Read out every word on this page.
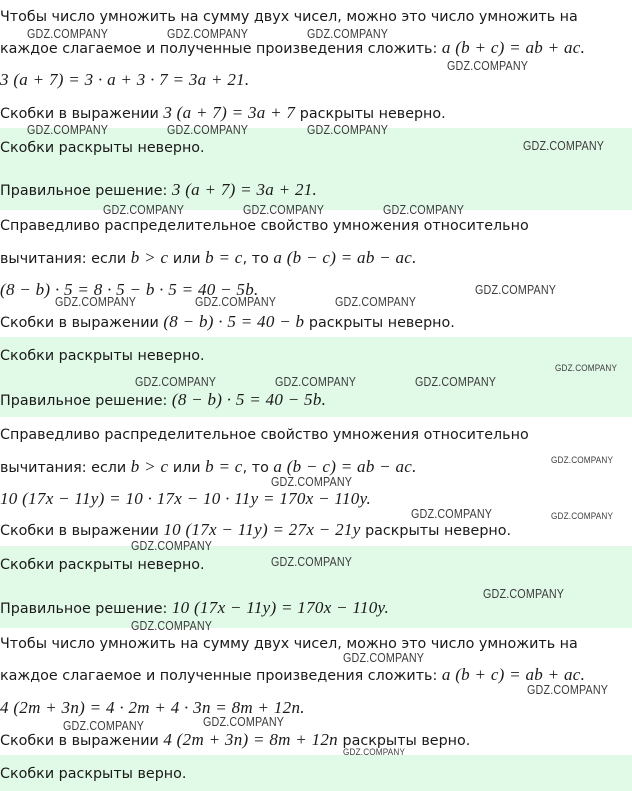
Чтобы число умножить на сумму двух чисел, можно это число умножить на
каждое слагаемое и полученные произведения сложить: a (b + c) = ab + ac.
3 (a + 7) = 3 · a + 3 · 7 = 3a + 21.
Скобки в выражении 3 (a + 7) = 3a + 7 раскрыты неверно.
Скобки раскрыты неверно.
Правильное решение: 3 (a + 7) = 3a + 21.
Справедливо распределительное свойство умножения относительно
вычитания: если b > c или b = c, то a (b − c) = ab − ac.
(8 − b) · 5 = 8 · 5 − b · 5 = 40 − 5b.
Скобки в выражении (8 − b) · 5 = 40 − b раскрыты неверно.
Скобки раскрыты неверно.
Правильное решение: (8 − b) · 5 = 40 − 5b.
Справедливо распределительное свойство умножения относительно
вычитания: если b > c или b = c, то a (b − c) = ab − ac.
10 (17x − 11y) = 10 · 17x − 10 · 11y = 170x − 110y.
Скобки в выражении 10 (17x − 11y) = 27x − 21y раскрыты неверно.
Скобки раскрыты неверно.
Правильное решение: 10 (17x − 11y) = 170x − 110y.
Чтобы число умножить на сумму двух чисел, можно это число умножить на
каждое слагаемое и полученные произведения сложить: a (b + c) = ab + ac.
4 (2m + 3n) = 4 · 2m + 4 · 3n = 8m + 12n.
Скобки в выражении 4 (2m + 3n) = 8m + 12n раскрыты верно.
Скобки раскрыты верно.
GDZ.COMPANY	GDZ.COMPANY	GDZ.COMPANY
GDZ.COMPANY
GDZ.COMPANY	GDZ.COMPANY	GDZ.COMPANY
GDZ.COMPANY
GDZ.COMPANY	GDZ.COMPANY	GDZ.COMPANY
GDZ.COMPANY
GDZ.COMPANY	GDZ.COMPANY	GDZ.COMPANY
GDZ.COMPANY
GDZ.COMPANY	GDZ.COMPANY	GDZ.COMPANY
GDZ.COMPANY
GDZ.COMPANY
GDZ.COMPANY	GDZ.COMPANY
GDZ.COMPANY
GDZ.COMPANY
GDZ.COMPANY
GDZ.COMPANY
GDZ.COMPANY
GDZ.COMPANY
GDZ.COMPANY	GDZ.COMPANY
GDZ.COMPANY
